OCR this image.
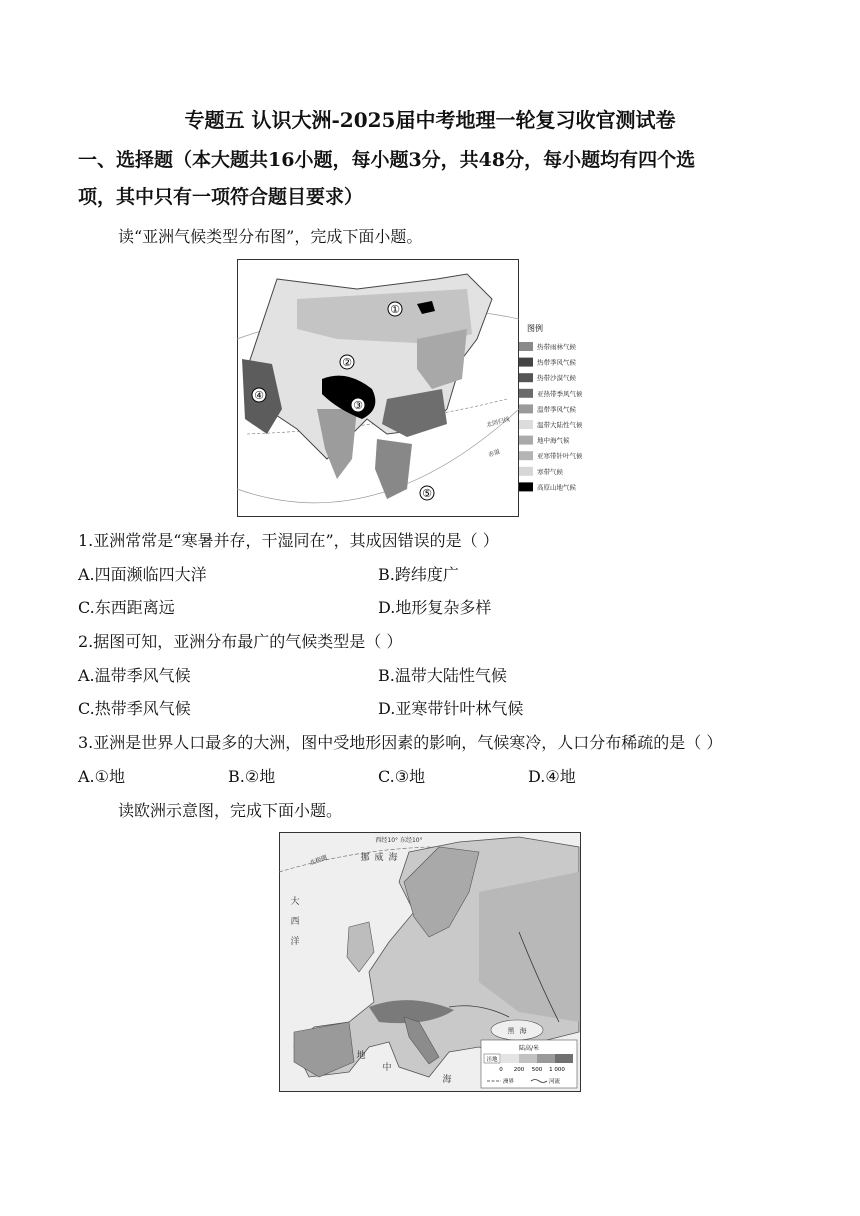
专题五 认识大洲-2025届中考地理一轮复习收官测试卷
一、选择题（本大题共16小题，每小题3分，共48分，每小题均有四个选
项，其中只有一项符合题目要求）
读“亚洲气候类型分布图”，完成下面小题。
①
②
③
④
⑤
北回归线
赤道
图例
热带雨林气候
热带季风气候
热带沙漠气候
亚热带季风气候
温带季风气候
温带大陆性气候
地中海气候
亚寒带针叶气候
寒带气候
高原山地气候
1.亚洲常常是“寒暑并存，干湿同在”，其成因错误的是（ ）
A.四面濒临四大洋	B.跨纬度广
C.东西距离远	D.地形复杂多样
2.据图可知，亚洲分布最广的气候类型是（ ）
A.温带季风气候	B.温带大陆性气候
C.热带季风气候	D.亚寒带针叶林气候
3.亚洲是世界人口最多的大洲，图中受地形因素的影响，气候寒冷，人口分布稀疏的是（ ）
A.①地	B.②地	C.③地	D.④地
读欧洲示意图，完成下面小题。
西经10° 东经10°
北极圈	挪 威 海
大
西
洋
黑 海
地
中
海
陆高/米
洼地
0 200 500 1 000
洲界	河流
